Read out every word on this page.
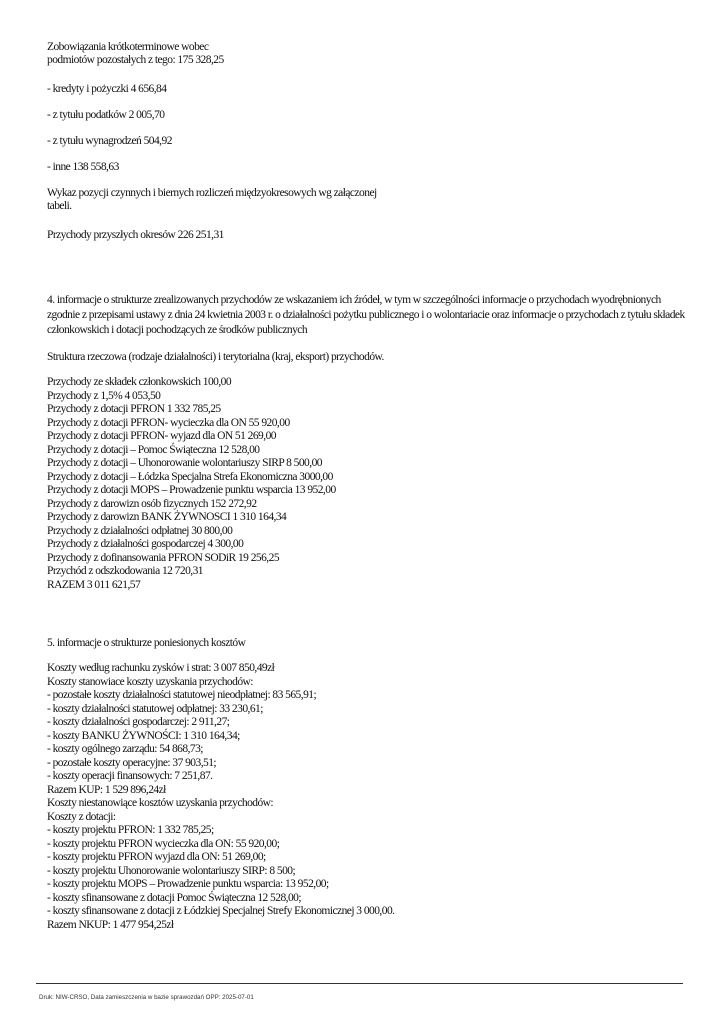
Zobowiązania krótkoterminowe wobec

podmiotów pozostałych z tego: 175 328,25

- kredyty i pożyczki 4 656,84

- z tytułu podatków 2 005,70

- z tytułu wynagrodzeń 504,92

- inne 138 558,63

Wykaz pozycji czynnych i biernych rozliczeń międzyokresowych wg załączonej

tabeli.

Przychody przyszłych okresów 226 251,31

4. informacje o strukturze zrealizowanych przychodów ze wskazaniem ich źródeł, w tym w szczególności informacje o przychodach wyodrębnionych zgodnie z przepisami ustawy z dnia 24 kwietnia 2003 r. o działalności pożytku publicznego i o wolontariacie oraz informacje o przychodach z tytułu składek członkowskich i dotacji pochodzących ze środków publicznych

Struktura rzeczowa (rodzaje działalności) i terytorialna (kraj, eksport) przychodów.

Przychody ze składek członkowskich 100,00

Przychody z 1,5% 4 053,50

Przychody z dotacji PFRON 1 332 785,25

Przychody z dotacji PFRON- wycieczka dla ON 55 920,00

Przychody z dotacji PFRON- wyjazd dla ON 51 269,00

Przychody z dotacji – Pomoc Świąteczna 12 528,00

Przychody z dotacji – Uhonorowanie wolontariuszy SIRP 8 500,00

Przychody z dotacji – Łódzka Specjalna Strefa Ekonomiczna 3000,00

Przychody z dotacji MOPS – Prowadzenie punktu wsparcia 13 952,00

Przychody z darowizn osób fizycznych 152 272,92

Przychody z darowizn BANK ŻYWNOSCI 1 310 164,34

Przychody z działalności odpłatnej 30 800,00

Przychody z działalności gospodarczej 4 300,00

Przychody z dofinansowania PFRON SODiR 19 256,25

Przychód z odszkodowania 12 720,31

RAZEM 3 011 621,57

5. informacje o strukturze poniesionych kosztów

Koszty według rachunku zysków i strat: 3 007 850,49zł

Koszty stanowiace koszty uzyskania przychodów:

- pozostałe koszty działalności statutowej nieodpłatnej: 83 565,91;

- koszty działalności statutowej odpłatnej: 33 230,61;

- koszty działalności gospodarczej: 2 911,27;

- koszty BANKU ŻYWNOŚCI: 1 310 164,34;

- koszty ogólnego zarządu: 54 868,73;

- pozostałe koszty operacyjne: 37 903,51;

- koszty operacji finansowych: 7 251,87.

Razem KUP: 1 529 896,24zł

Koszty niestanowiące kosztów uzyskania przychodów:

Koszty z dotacji:

- koszty projektu PFRON: 1 332 785,25;

- koszty projektu PFRON wycieczka dla ON: 55 920,00;

- koszty projektu PFRON wyjazd dla ON: 51 269,00;

- koszty projektu Uhonorowanie wolontariuszy SIRP: 8 500;

- koszty projektu MOPS – Prowadzenie punktu wsparcia: 13 952,00;

- koszty sfinansowane z dotacji Pomoc Świąteczna 12 528,00;

- koszty sfinansowane z dotacji z Łódzkiej Specjalnej Strefy Ekonomicznej 3 000,00.

Razem NKUP: 1 477 954,25zł

Druk: NIW-CRSO, Data zamieszczenia w bazie sprawozdań OPP: 2025-07-01
